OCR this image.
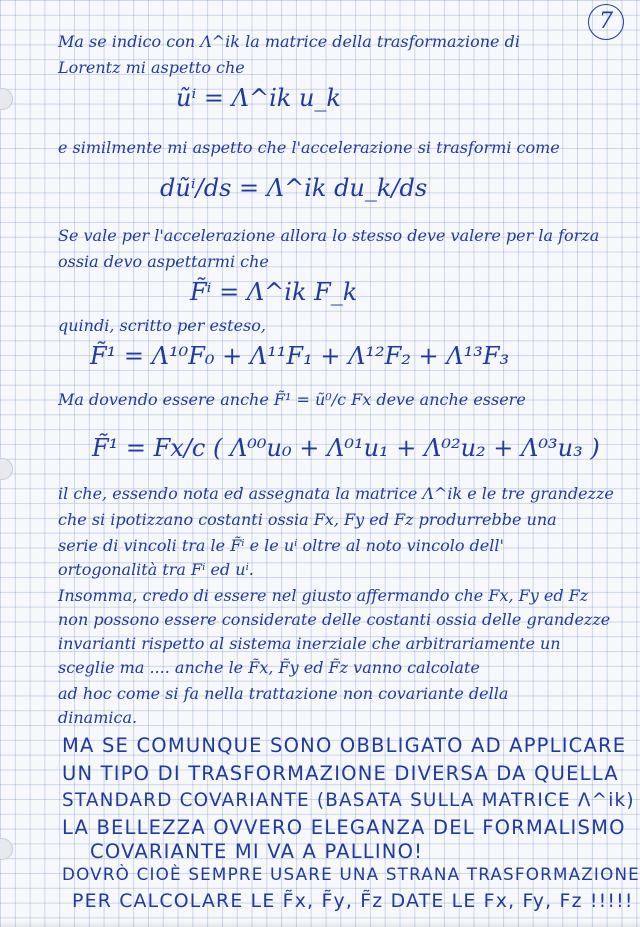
7
Ma se indico con Λ^ik la matrice della trasformazione di
Lorentz mi aspetto che
ũⁱ = Λ^ik u_k
e similmente mi aspetto che l'accelerazione si trasformi come
dũⁱ/ds = Λ^ik du_k/ds
Se vale per l'accelerazione allora lo stesso deve valere per la forza
ossia devo aspettarmi che
F̃ⁱ = Λ^ik F_k
quindi, scritto per esteso,
F̃¹ = Λ¹⁰F₀ + Λ¹¹F₁ + Λ¹²F₂ + Λ¹³F₃
Ma dovendo essere anche F̃¹ = ũ⁰/c Fx deve anche essere
F̃¹ = Fx/c ( Λ⁰⁰u₀ + Λ⁰¹u₁ + Λ⁰²u₂ + Λ⁰³u₃ )
il che, essendo nota ed assegnata la matrice Λ^ik e le tre grandezze
che si ipotizzano costanti ossia Fx, Fy ed Fz produrrebbe una
serie di vincoli tra le F̃ⁱ e le uⁱ oltre al noto vincolo dell'
ortogonalità tra Fⁱ ed uⁱ.
Insomma, credo di essere nel giusto affermando che Fx, Fy ed Fz
non possono essere considerate delle costanti ossia delle grandezze
invarianti rispetto al sistema inerziale che arbitrariamente un
sceglie ma .... anche le F̃x, F̃y ed F̃z vanno calcolate
ad hoc come si fa nella trattazione non covariante della
dinamica.
MA SE COMUNQUE SONO OBBLIGATO AD APPLICARE
UN TIPO DI TRASFORMAZIONE DIVERSA DA QUELLA
STANDARD COVARIANTE (BASATA SULLA MATRICE Λ^ik)
LA BELLEZZA OVVERO ELEGANZA DEL FORMALISMO
COVARIANTE MI VA A PALLINO!
DOVRÒ CIOÈ SEMPRE USARE UNA STRANA TRASFORMAZIONE
PER CALCOLARE LE F̃x, F̃y, F̃z DATE LE Fx, Fy, Fz !!!!!
